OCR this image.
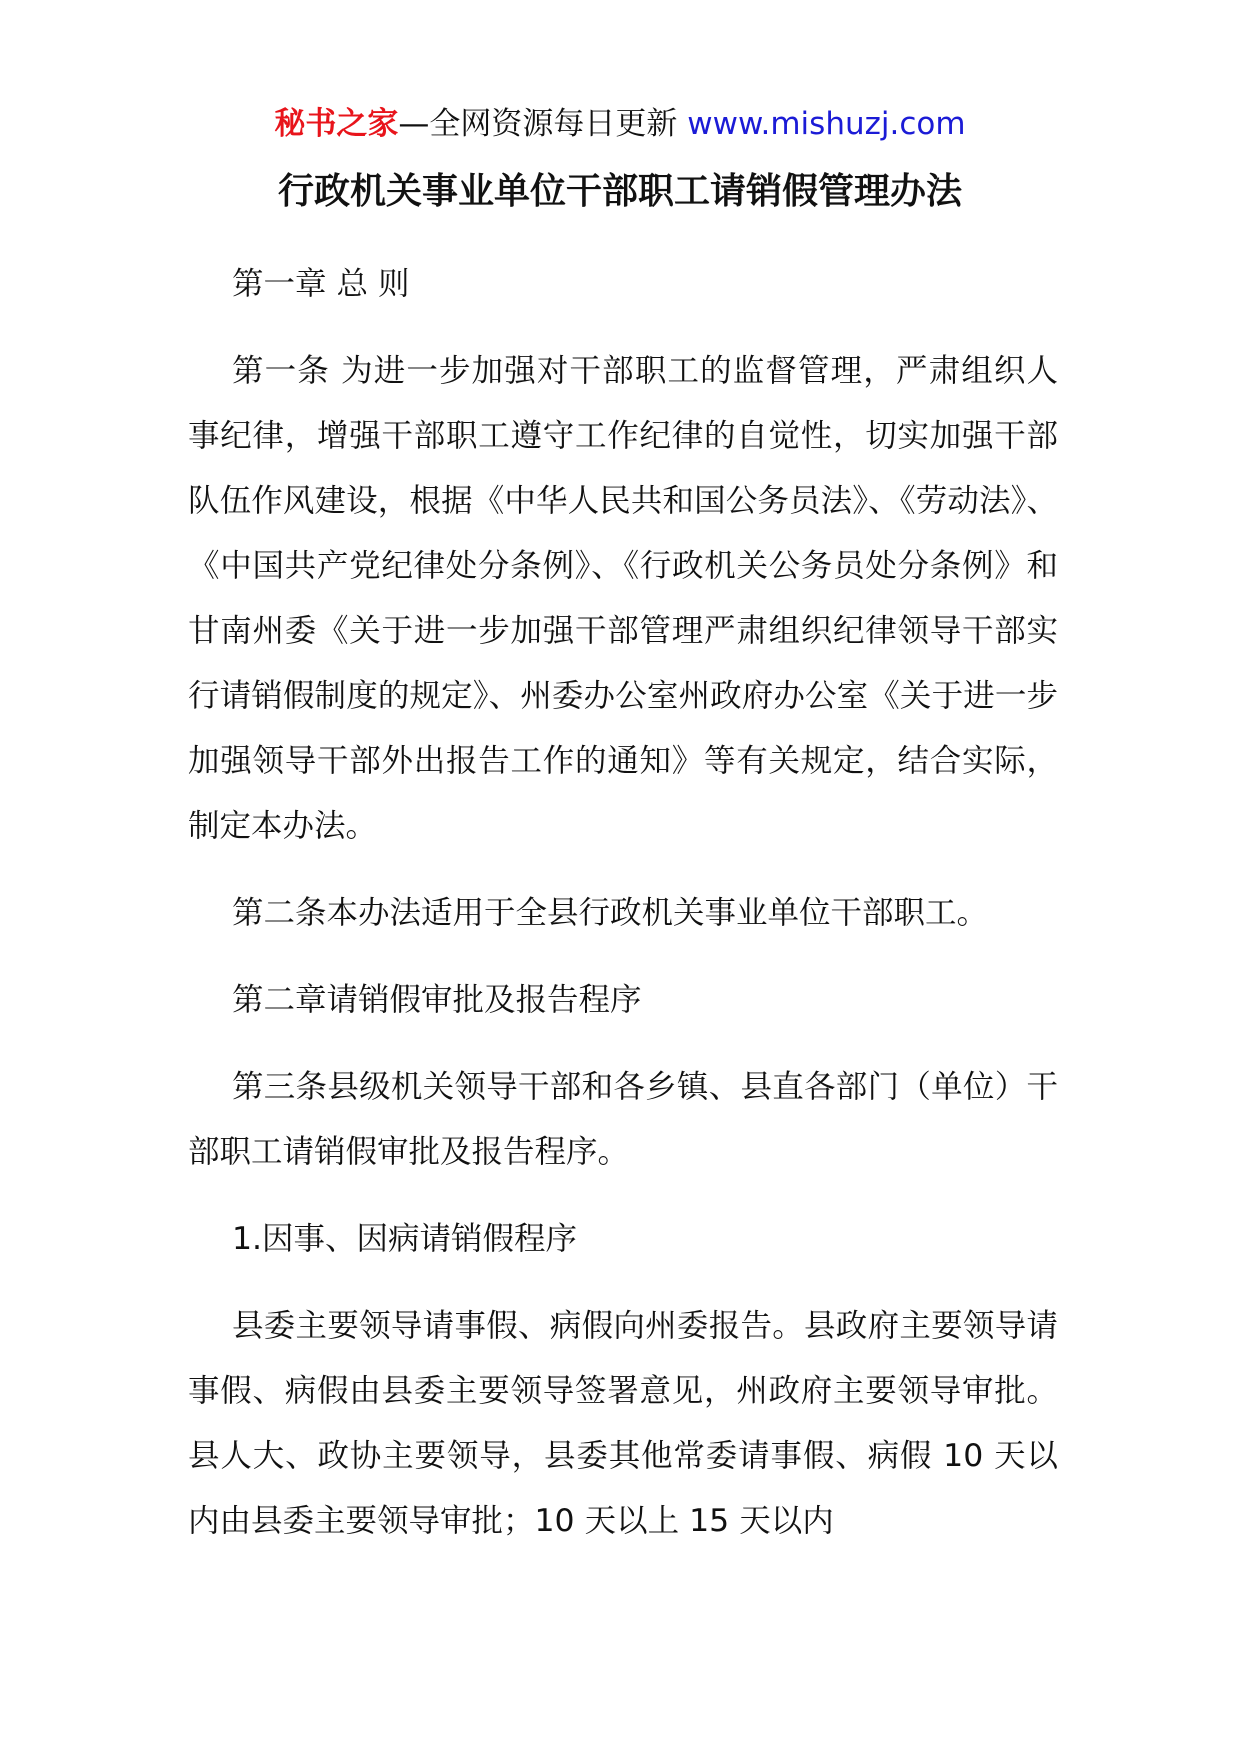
秘书之家—全网资源每日更新 www.mishuzj.com
行政机关事业单位干部职工请销假管理办法

第一章 总 则

第一条 为进一步加强对干部职工的监督管理，严肃组织人事纪律，增强干部职工遵守工作纪律的自觉性，切实加强干部队伍作风建设，根据《中华人民共和国公务员法》、《劳动法》、《中国共产党纪律处分条例》、《行政机关公务员处分条例》和甘南州委《关于进一步加强干部管理严肃组织纪律领导干部实行请销假制度的规定》、州委办公室州政府办公室《关于进一步加强领导干部外出报告工作的通知》等有关规定，结合实际，制定本办法。

第二条本办法适用于全县行政机关事业单位干部职工。

第二章请销假审批及报告程序

第三条县级机关领导干部和各乡镇、县直各部门（单位）干部职工请销假审批及报告程序。

1.因事、因病请销假程序

县委主要领导请事假、病假向州委报告。县政府主要领导请事假、病假由县委主要领导签署意见，州政府主要领导审批。县人大、政协主要领导，县委其他常委请事假、病假 10 天以内由县委主要领导审批；10 天以上 15 天以内
